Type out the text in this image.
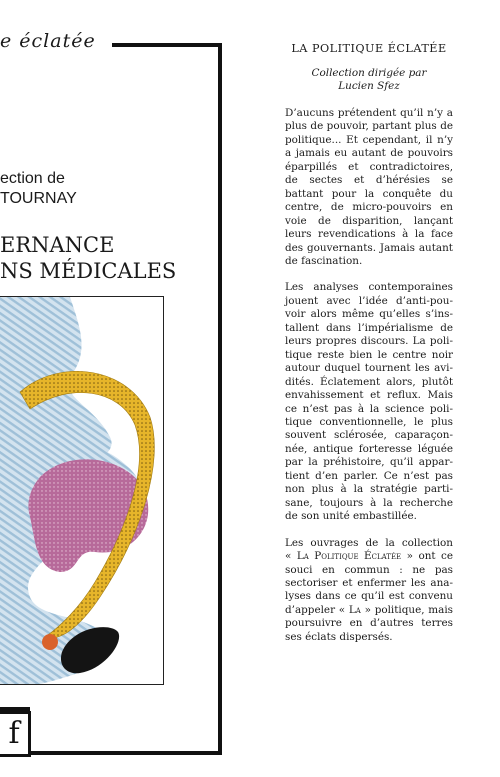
e éclatée
ection de
TOURNAY
ERNANCE
NS MÉDICALES
f

LA POLITIQUE ÉCLATÉE

Collection dirigée par
Lucien Sfez
D’aucuns prétendent qu’il n’y a plus de pouvoir, partant plus de politique... Et cependant, il n’y a jamais eu autant de pouvoirs éparpillés et contradictoires, de sectes et d’hérésies se battant pour la conquête du centre, de micro-pouvoirs en voie de disparition, lançant leurs revendications à la face des gouvernants. Jamais autant de fascination.
Les analyses contemporaines jouent avec l’idée d’anti-pouvoir alors même qu’elles s’installent dans l’impérialisme de leurs propres discours. La politique reste bien le centre noir autour duquel tournent les avidités. Éclatement alors, plutôt envahissement et reflux. Mais ce n’est pas à la science politique conventionnelle, le plus souvent sclérosée, caparaçonnée, antique forteresse léguée par la préhistoire, qu’il appartient d’en parler. Ce n’est pas non plus à la stratégie partisane, toujours à la recherche de son unité embastillée.
Les ouvrages de la collection « La Politique Éclatée » ont ce souci en commun : ne pas sectoriser et enfermer les analyses dans ce qu’il est convenu d’appeler « La » politique, mais poursuivre en d’autres terres ses éclats dispersés.
